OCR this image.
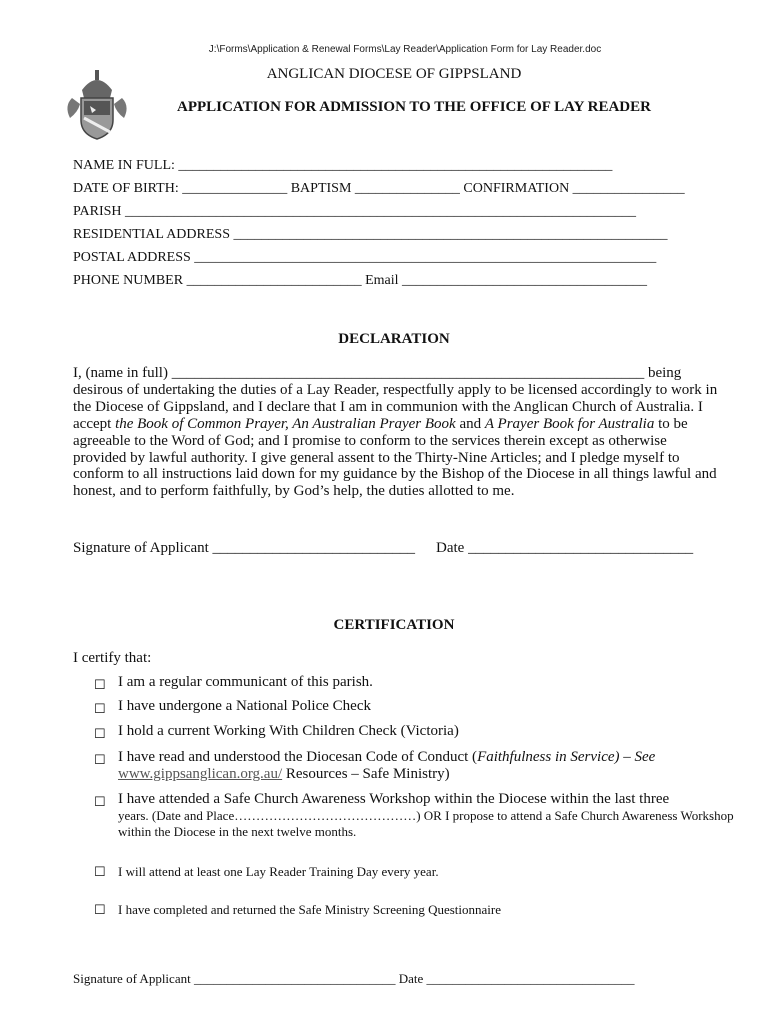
J:\Forms\Application & Renewal Forms\Lay Reader\Application Form for Lay Reader.doc
ANGLICAN DIOCESE OF GIPPSLAND
APPLICATION FOR ADMISSION TO THE OFFICE OF LAY READER
NAME IN FULL: ______________________________________________________________
DATE OF BIRTH: _______________ BAPTISM _______________ CONFIRMATION ________________
PARISH _________________________________________________________________________
RESIDENTIAL ADDRESS ______________________________________________________________
POSTAL ADDRESS __________________________________________________________________
PHONE NUMBER _________________________ Email ___________________________________
DECLARATION
I, (name in full) _______________________________________________________________ being desirous of undertaking the duties of a Lay Reader, respectfully apply to be licensed accordingly to work in the Diocese of Gippsland, and I declare that I am in communion with the Anglican Church of Australia. I accept the Book of Common Prayer, An Australian Prayer Book and A Prayer Book for Australia to be agreeable to the Word of God; and I promise to conform to the services therein except as otherwise provided by lawful authority. I give general assent to the Thirty-Nine Articles; and I pledge myself to conform to all instructions laid down for my guidance by the Bishop of the Diocese in all things lawful and honest, and to perform faithfully, by God’s help, the duties allotted to me.
Signature of Applicant ___________________________ Date ______________________________
CERTIFICATION
I certify that:
☐ I am a regular communicant of this parish.
☐ I have undergone a National Police Check
☐ I hold a current Working With Children Check (Victoria)
☐ I have read and understood the Diocesan Code of Conduct (Faithfulness in Service) – See
www.gippsanglican.org.au/ Resources – Safe Ministry)
☐ I have attended a Safe Church Awareness Workshop within the Diocese within the last three
years. (Date and Place……………………………………) OR I propose to attend a Safe Church Awareness Workshop within the Diocese in the next twelve months.
☐ I will attend at least one Lay Reader Training Day every year.
☐ I have completed and returned the Safe Ministry Screening Questionnaire
Signature of Applicant _______________________________ Date ________________________________
